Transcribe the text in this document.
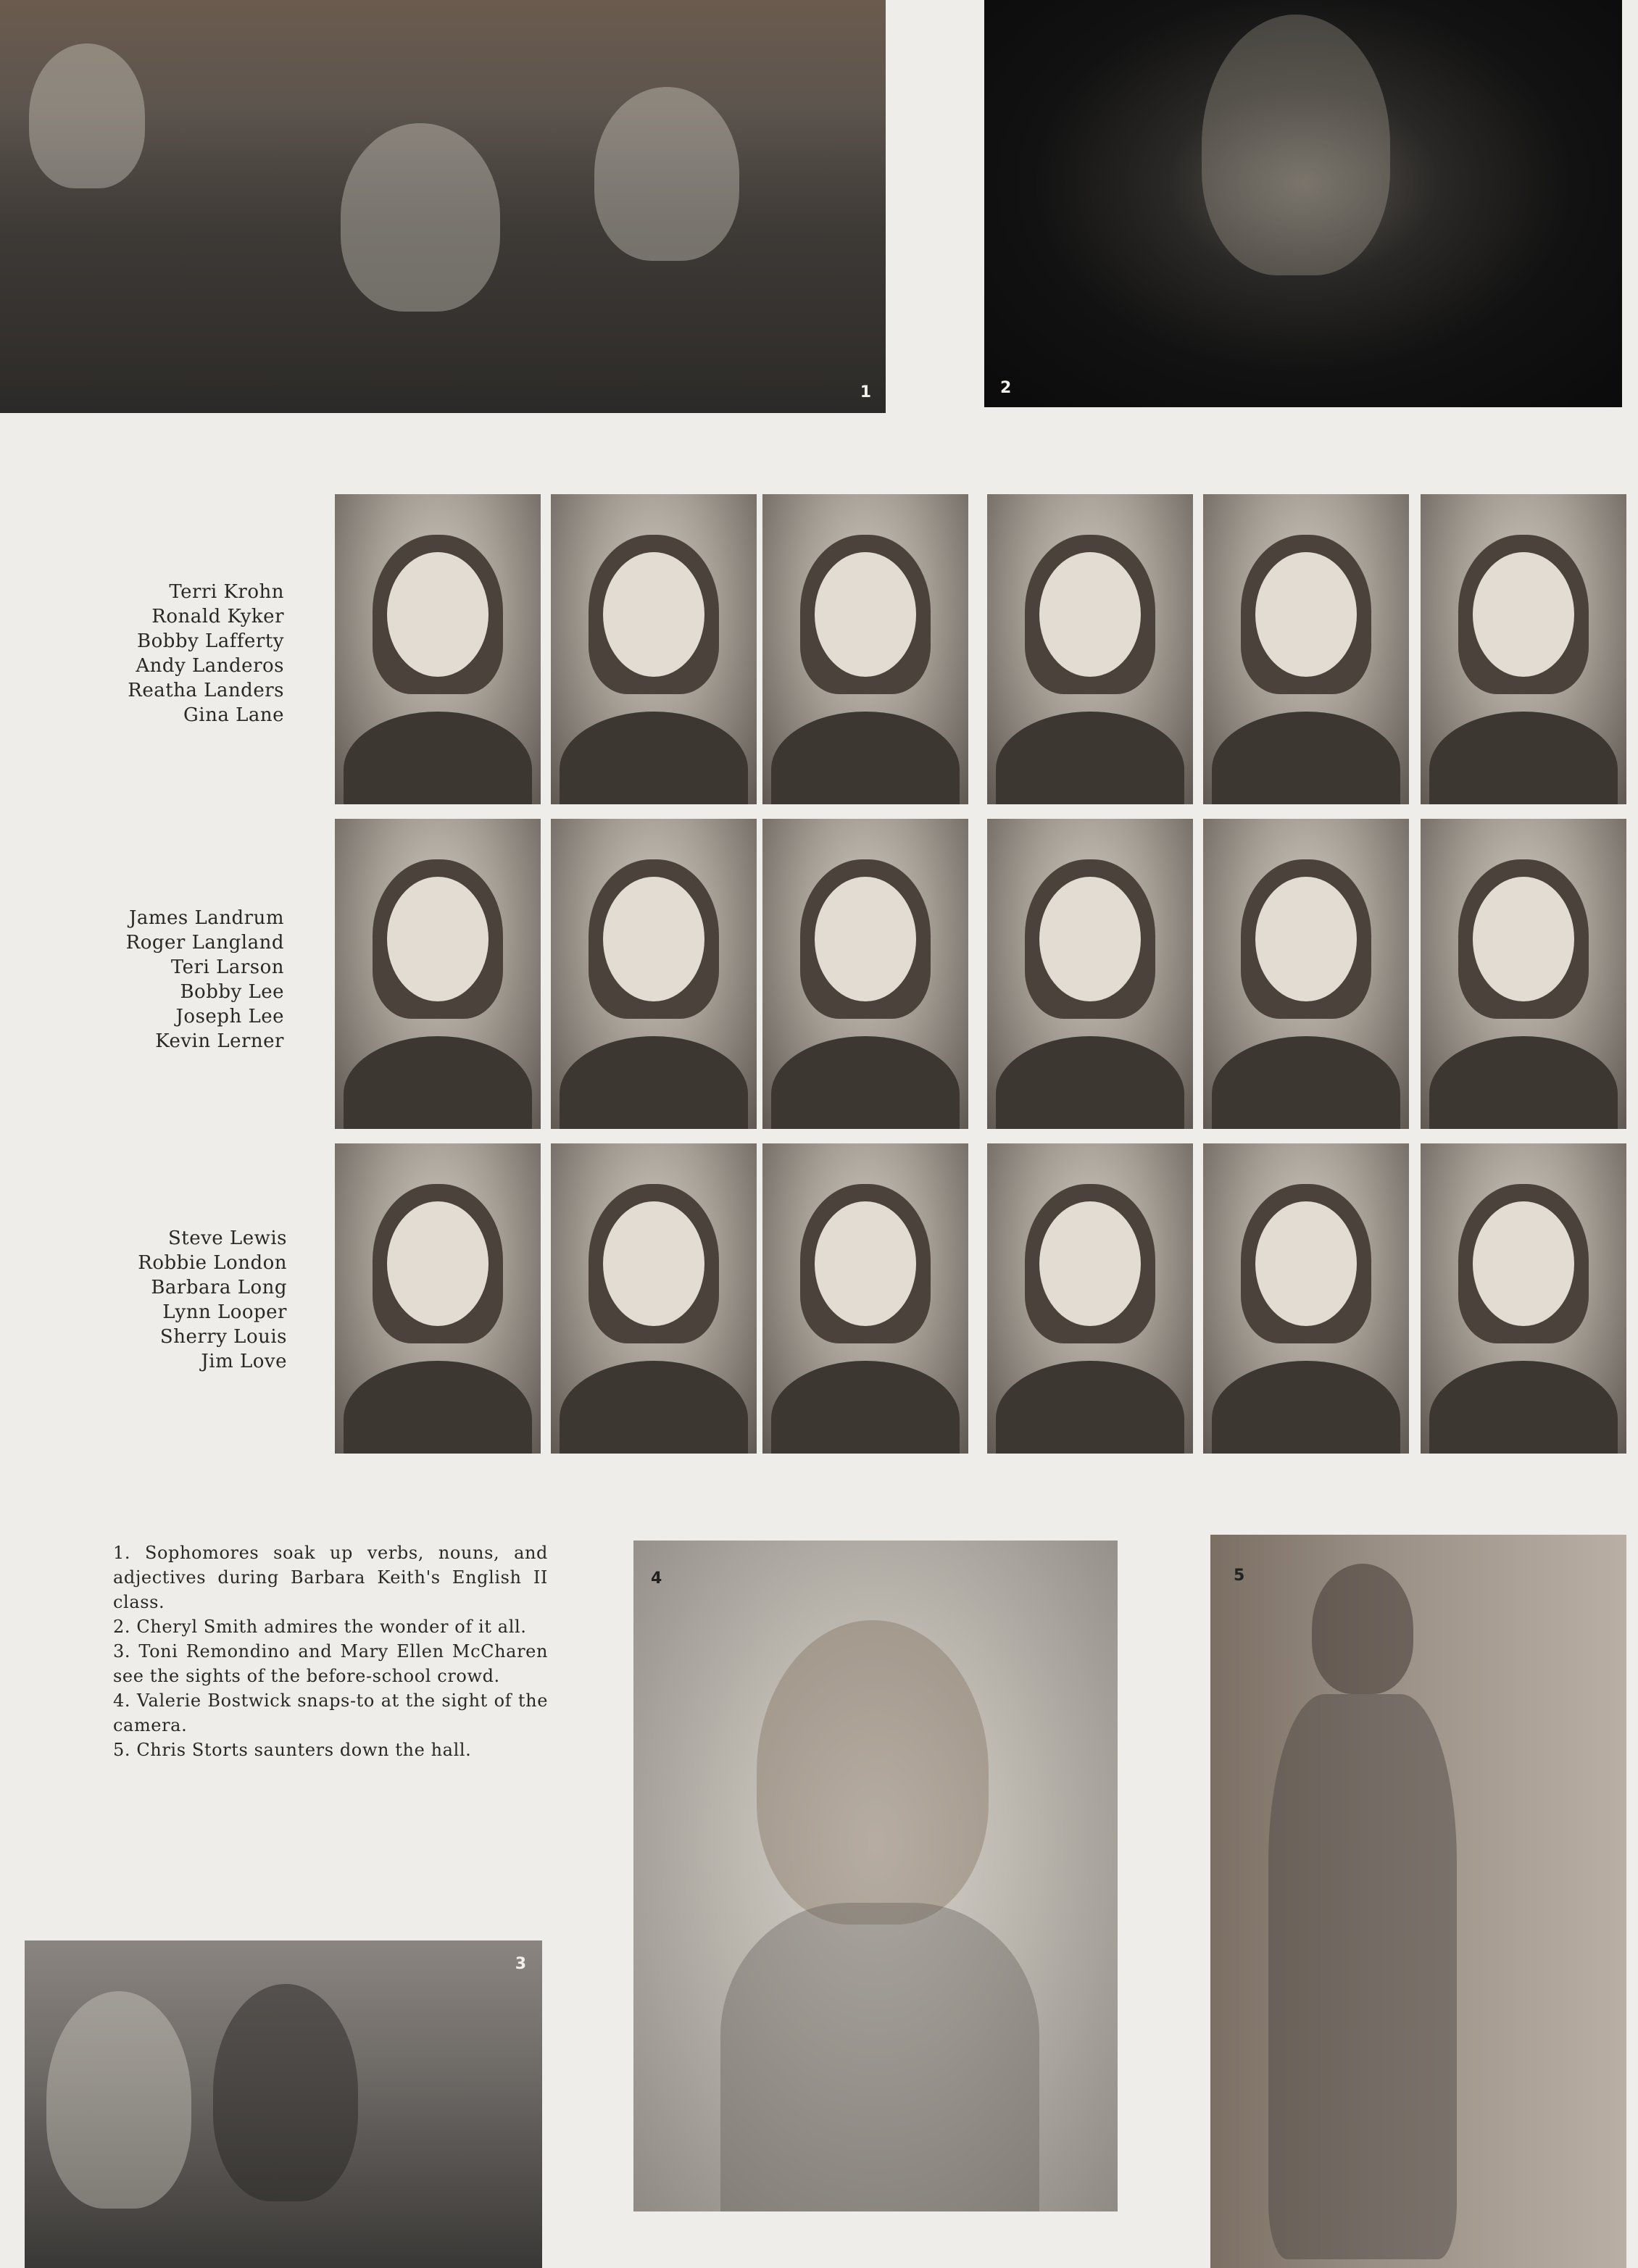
1	2
3
4	5
Terri Krohn
Ronald Kyker
Bobby Lafferty
Andy Landeros
Reatha Landers
Gina Lane
James Landrum
Roger Langland
Teri Larson
Bobby Lee
Joseph Lee
Kevin Lerner
Steve Lewis
Robbie London
Barbara Long
Lynn Looper
Sherry Louis
Jim Love
1. Sophomores soak up verbs, nouns, and adjectives during Barbara Keith's English II class.
2. Cheryl Smith admires the wonder of it all.
3. Toni Remondino and Mary Ellen McCharen see the sights of the before-school crowd.
4. Valerie Bostwick snaps-to at the sight of the camera.
5. Chris Storts saunters down the hall.
